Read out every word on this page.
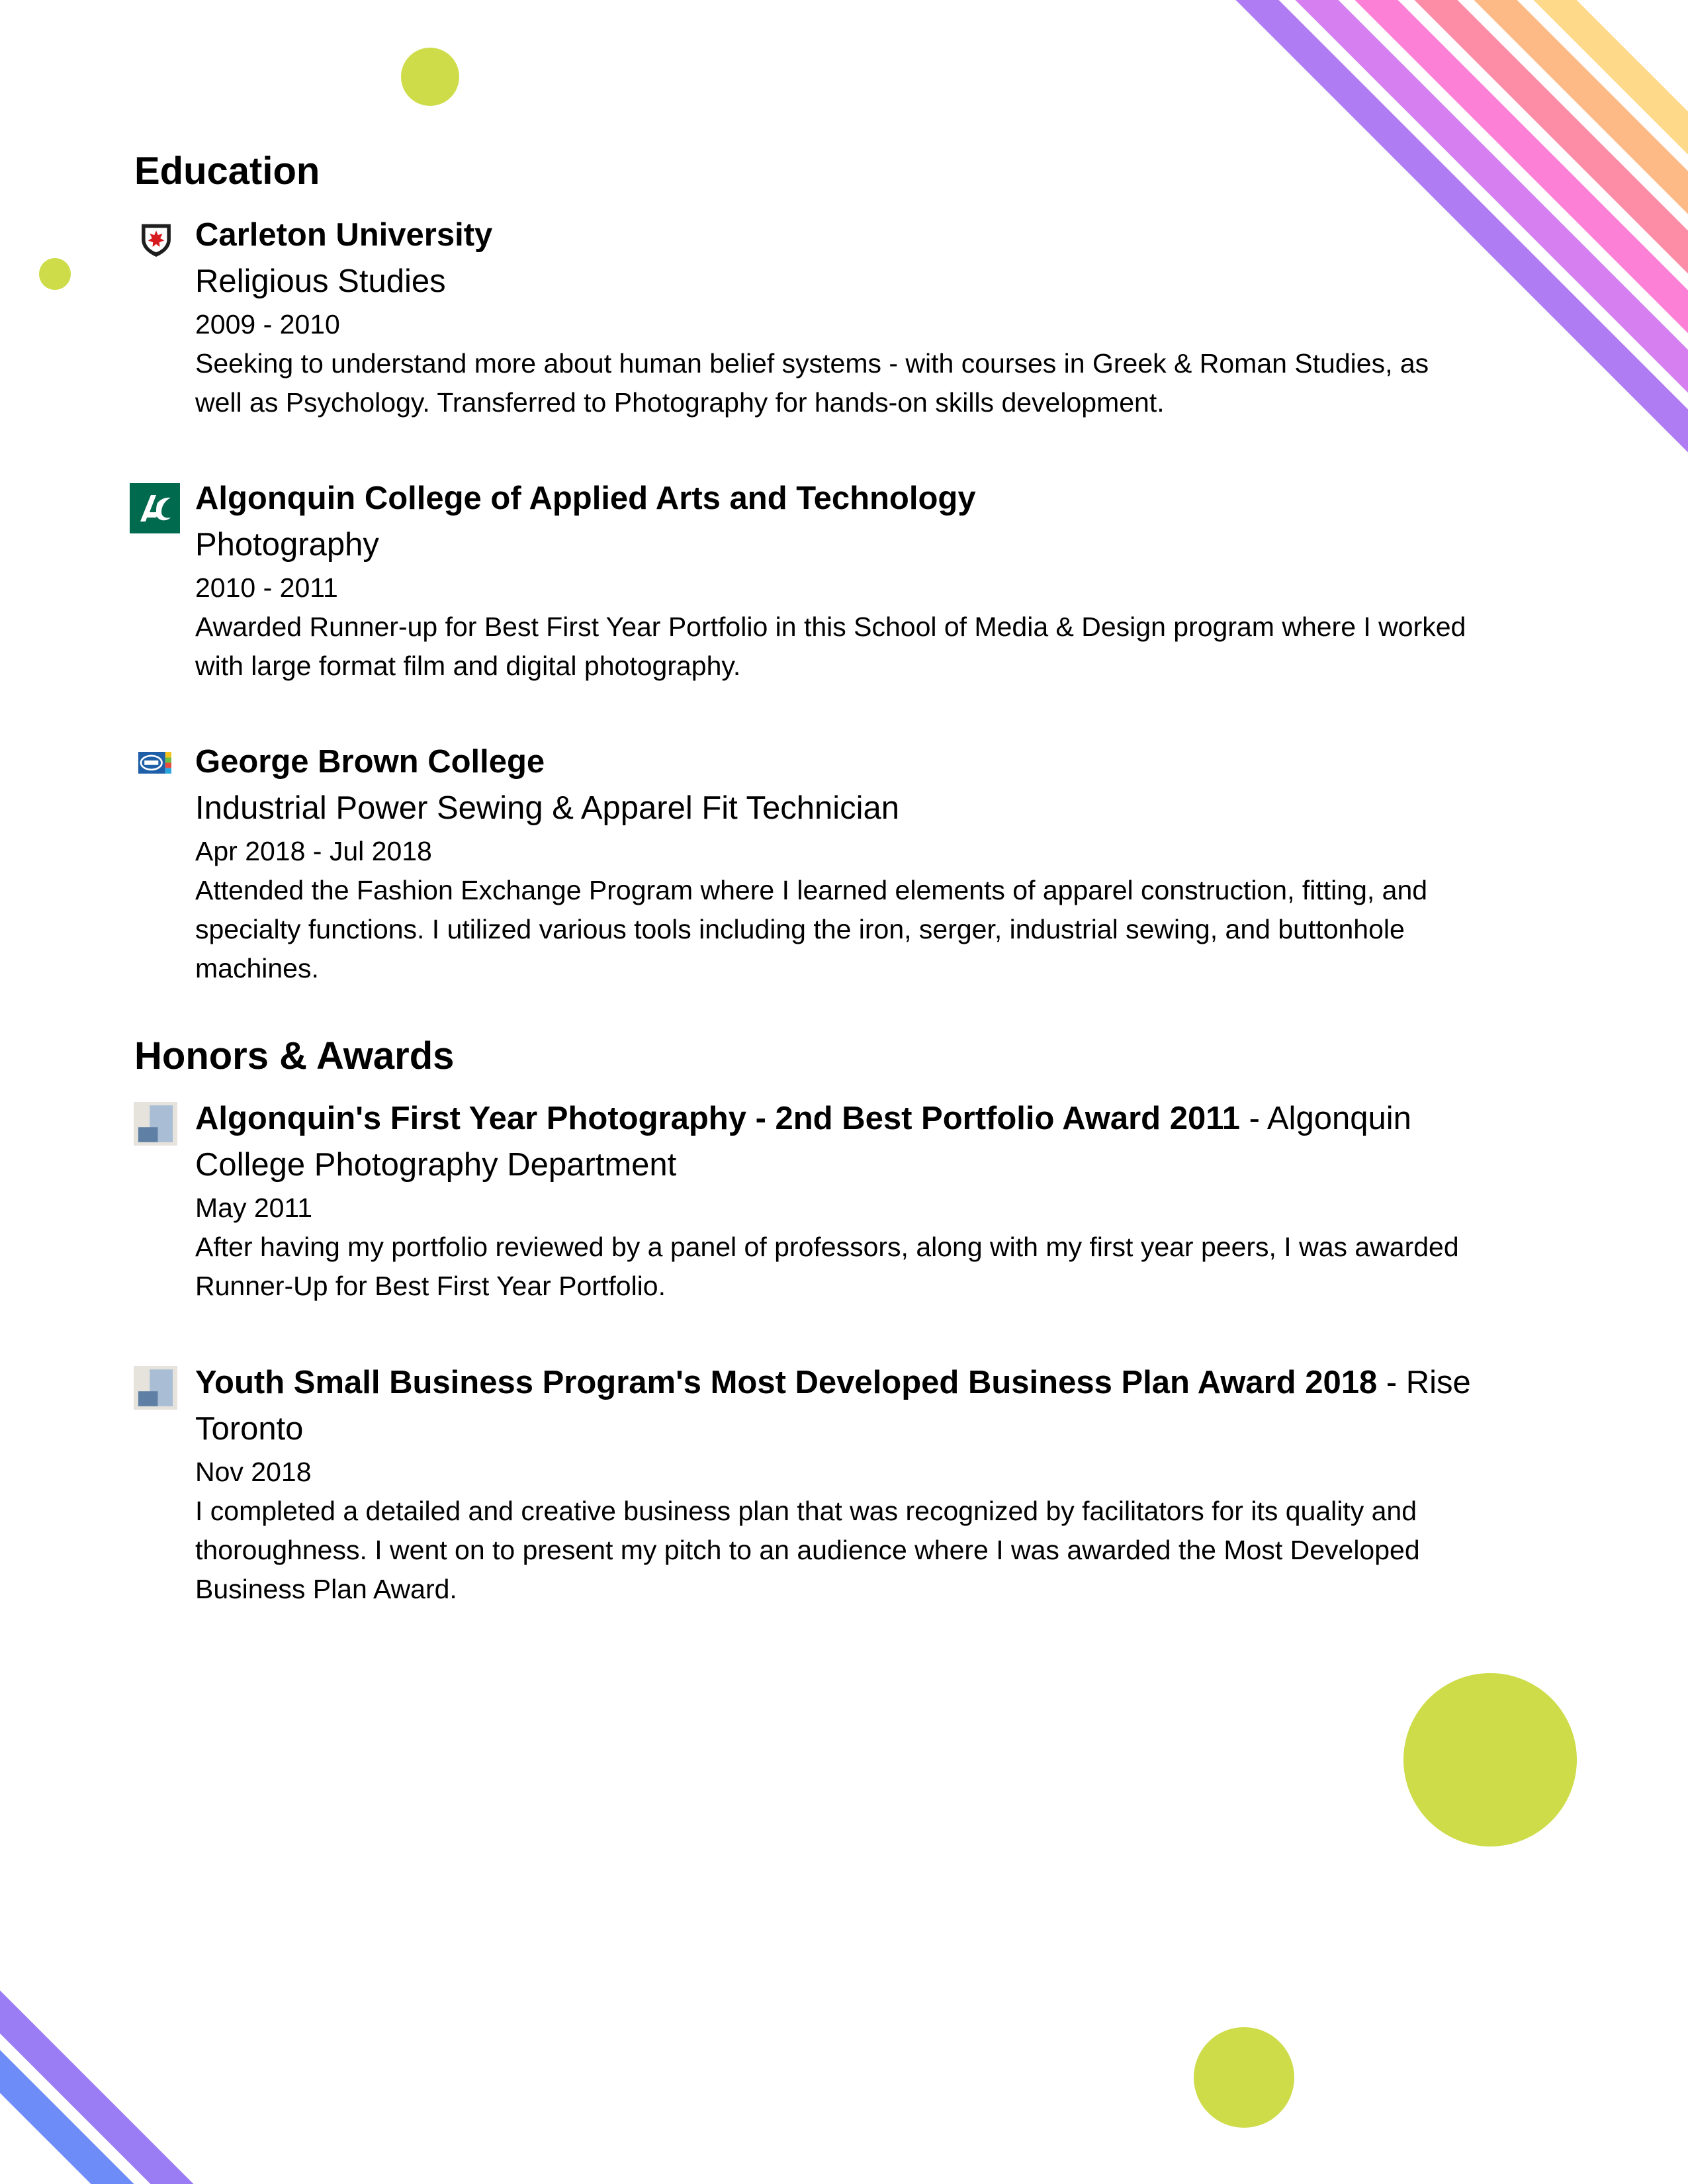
Education
Carleton University
Religious Studies
2009 - 2010
Seeking to understand more about human belief systems - with courses in Greek & Roman Studies, as well as Psychology. Transferred to Photography for hands-on skills development.
Algonquin College of Applied Arts and Technology
Photography
2010 - 2011
Awarded Runner-up for Best First Year Portfolio in this School of Media & Design program where I worked with large format film and digital photography.
George Brown College
Industrial Power Sewing & Apparel Fit Technician
Apr 2018 - Jul 2018
Attended the Fashion Exchange Program where I learned elements of apparel construction, fitting, and specialty functions. I utilized various tools including the iron, serger, industrial sewing, and buttonhole machines.
Honors & Awards
Algonquin's First Year Photography - 2nd Best Portfolio Award 2011 - Algonquin College Photography Department
May 2011
After having my portfolio reviewed by a panel of professors, along with my first year peers, I was awarded Runner-Up for Best First Year Portfolio.
Youth Small Business Program's Most Developed Business Plan Award 2018 - Rise Toronto
Nov 2018
I completed a detailed and creative business plan that was recognized by facilitators for its quality and thoroughness. I went on to present my pitch to an audience where I was awarded the Most Developed Business Plan Award.
